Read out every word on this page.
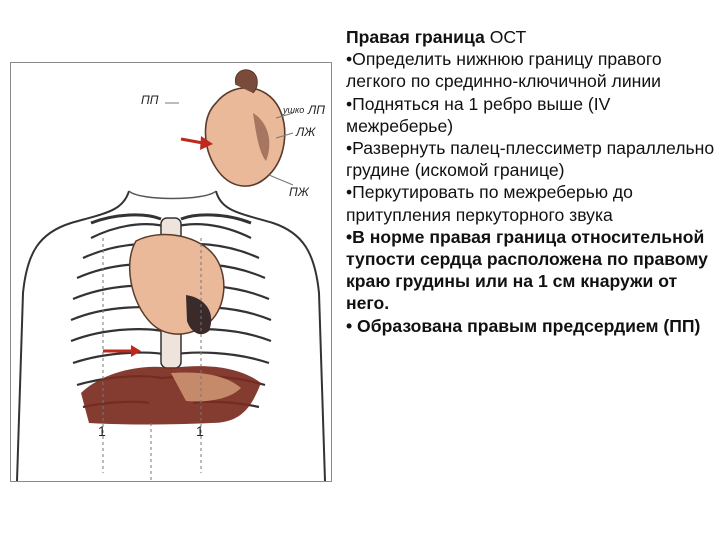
ПП
ушко ЛП
ЛЖ
ПЖ
1	1

Правая граница ОСТ

•Определить нижнюю границу правого легкого по срединно-ключичной линии

•Подняться на 1 ребро выше (IV межреберье)

•Развернуть палец-плессиметр параллельно грудине (искомой границе)

•Перкутировать по межреберью до притупления перкуторного звука

•В норме правая граница относительной тупости сердца расположена по правому краю грудины или на 1 см кнаружи от него.

• Образована правым предсердием (ПП)
